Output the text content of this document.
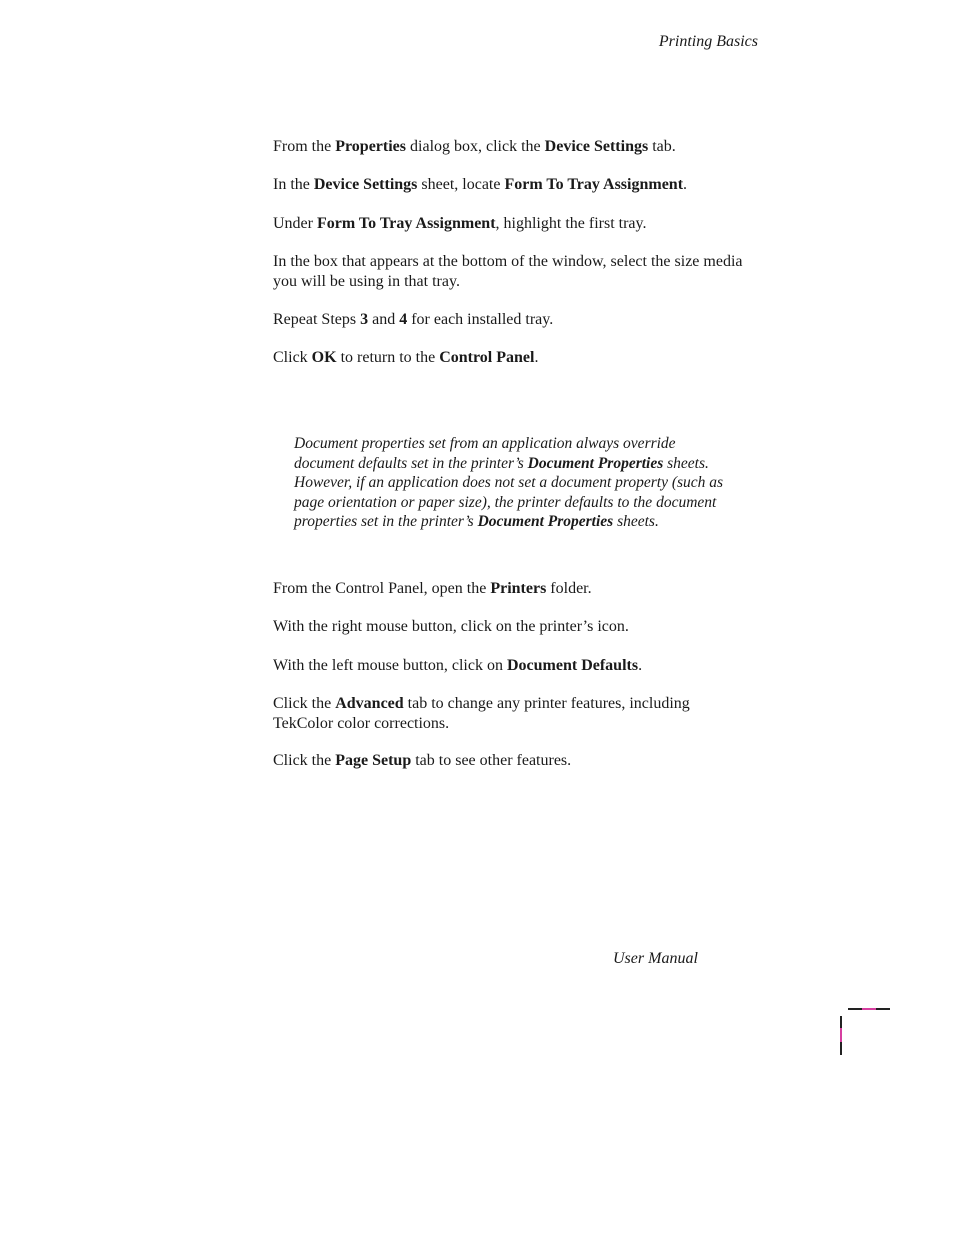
Printing Basics
From the Properties dialog box, click the Device Settings tab.
In the Device Settings sheet, locate Form To Tray Assignment.
Under Form To Tray Assignment, highlight the first tray.
In the box that appears at the bottom of the window, select the size media you will be using in that tray.
Repeat Steps 3 and 4 for each installed tray.
Click OK to return to the Control Panel.
Document properties set from an application always override document defaults set in the printer’s Document Properties sheets. However, if an application does not set a document property (such as page orientation or paper size), the printer defaults to the document properties set in the printer’s Document Properties sheets.
From the Control Panel, open the Printers folder.
With the right mouse button, click on the printer’s icon.
With the left mouse button, click on Document Defaults.
Click the Advanced tab to change any printer features, including TekColor color corrections.
Click the Page Setup tab to see other features.
User Manual
